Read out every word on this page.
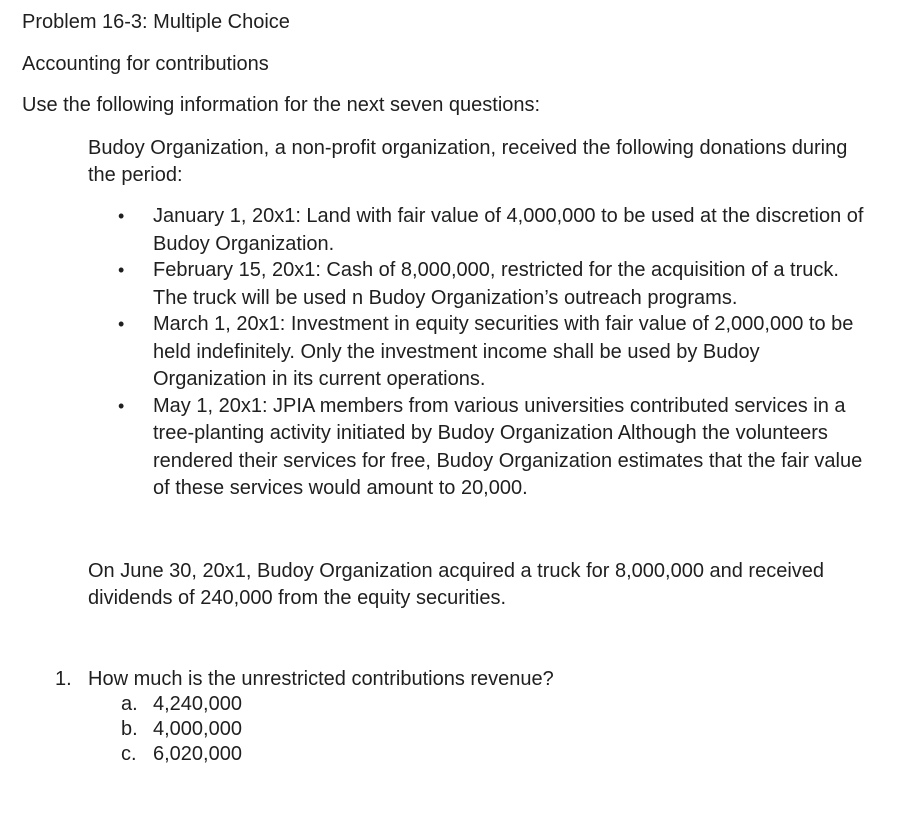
Problem 16-3: Multiple Choice
Accounting for contributions
Use the following information for the next seven questions:
Budoy Organization, a non-profit organization, received the following donations during the period:
• January 1, 20x1: Land with fair value of 4,000,000 to be used at the discretion of Budoy Organization.
• February 15, 20x1: Cash of 8,000,000, restricted for the acquisition of a truck. The truck will be used n Budoy Organization’s outreach programs.
• March 1, 20x1: Investment in equity securities with fair value of 2,000,000 to be held indefinitely. Only the investment income shall be used by Budoy Organization in its current operations.
• May 1, 20x1: JPIA members from various universities contributed services in a tree-planting activity initiated by Budoy Organization Although the volunteers rendered their services for free, Budoy Organization estimates that the fair value of these services would amount to 20,000.
On June 30, 20x1, Budoy Organization acquired a truck for 8,000,000 and received dividends of 240,000 from the equity securities.
1. How much is the unrestricted contributions revenue?
a. 4,240,000
b. 4,000,000
c. 6,020,000
